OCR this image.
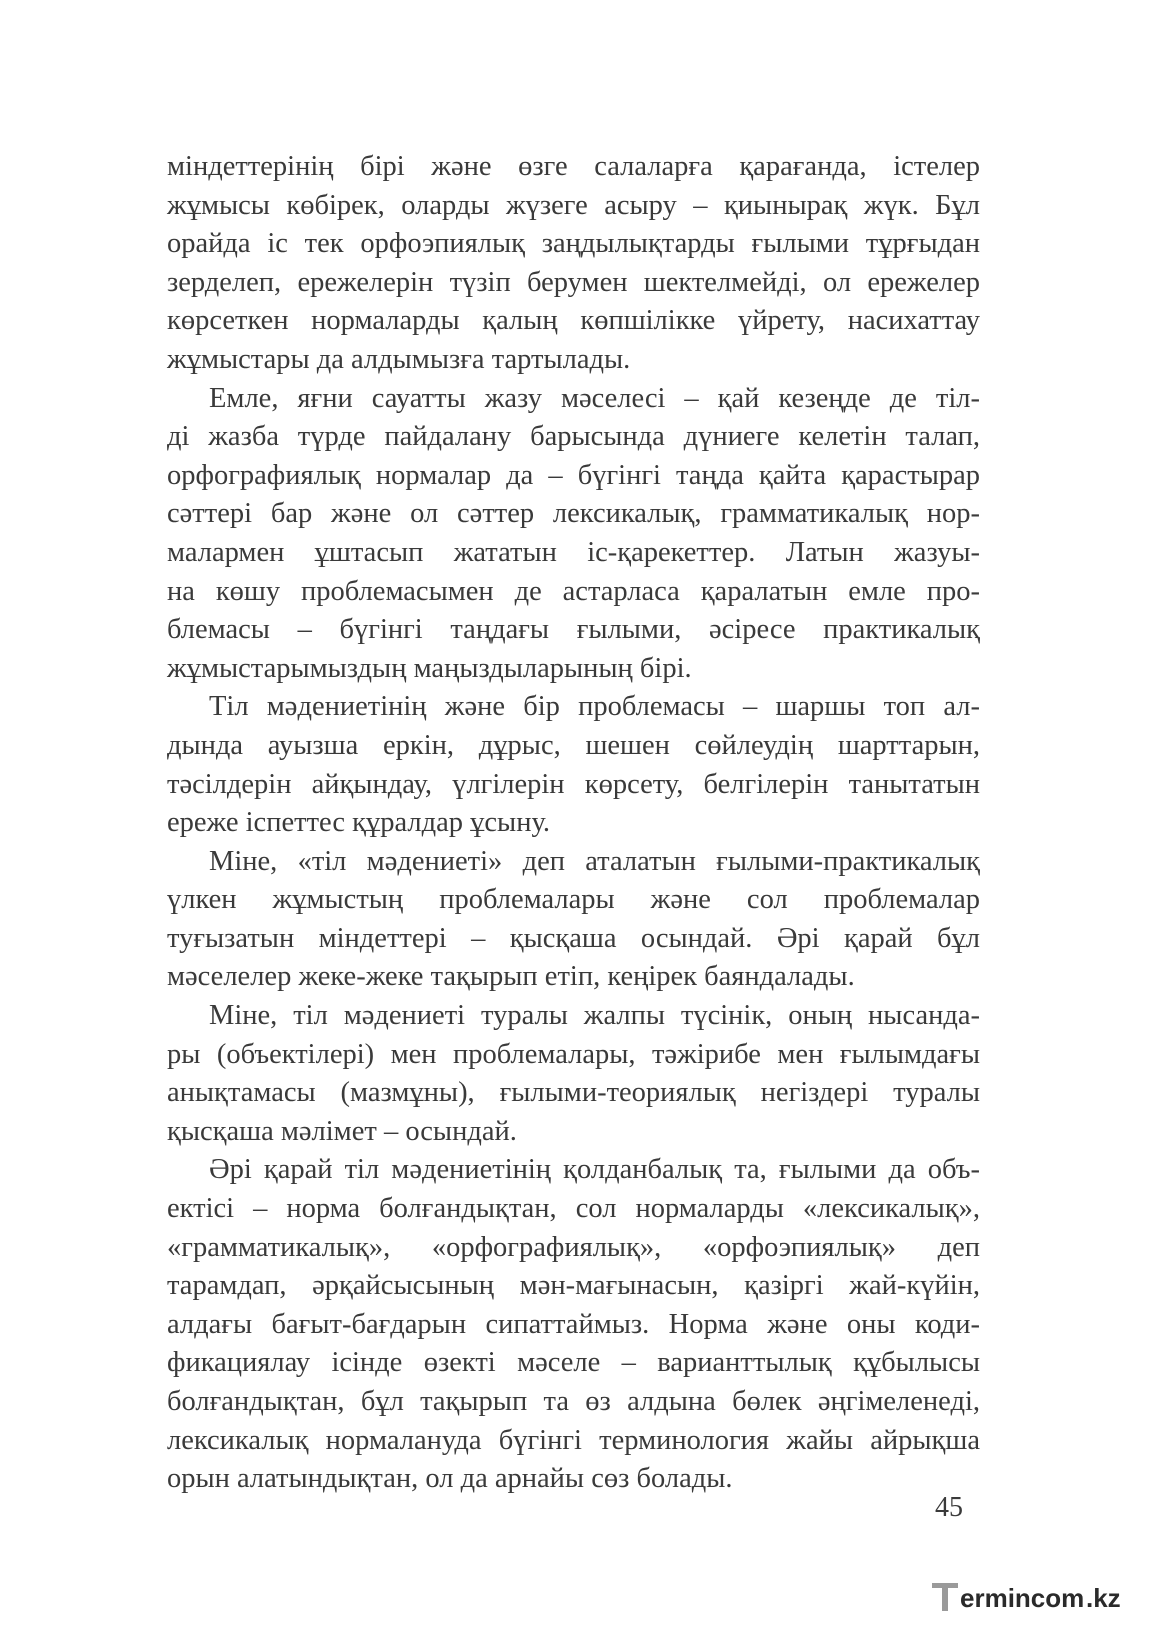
міндеттерінің бірі және өзге салаларға қарағанда, істелер
жұмысы көбірек, оларды жүзеге асыру – қиынырақ жүк. Бұл
орайда іс тек орфоэпиялық заңдылықтарды ғылыми тұрғыдан
зерделеп, ережелерін түзіп берумен шектелмейді, ол ережелер
көрсеткен нормаларды қалың көпшілікке үйрету, насихаттау
жұмыстары да алдымызға тартылады.
Емле, яғни сауатты жазу мәселесі – қай кезеңде де тіл-
ді жазба түрде пайдалану барысында дүниеге келетін талап,
орфографиялық нормалар да – бүгінгі таңда қайта қарастырар
сәттері бар және ол сәттер лексикалық, грамматикалық нор-
малармен ұштасып жататын іс-қарекеттер. Латын жазуы-
на көшу проблемасымен де астарласа қаралатын емле про-
блемасы – бүгінгі таңдағы ғылыми, әсіресе практикалық
жұмыстарымыздың маңыздыларының бірі.
Тіл мәдениетінің және бір проблемасы – шаршы топ ал-
дында ауызша еркін, дұрыс, шешен сөйлеудің шарттарын,
тәсілдерін айқындау, үлгілерін көрсету, белгілерін танытатын
ереже іспеттес құралдар ұсыну.
Міне, «тіл мәдениеті» деп аталатын ғылыми-практикалық
үлкен жұмыстың проблемалары және сол проблемалар
туғызатын міндеттері – қысқаша осындай. Әрі қарай бұл
мәселелер жеке-жеке тақырып етіп, кеңірек баяндалады.
Міне, тіл мәдениеті туралы жалпы түсінік, оның нысанда-
ры (объектілері) мен проблемалары, тәжірибе мен ғылымдағы
анықтамасы (мазмұны), ғылыми-теориялық негіздері туралы
қысқаша мәлімет – осындай.
Әрі қарай тіл мәдениетінің қолданбалық та, ғылыми да объ-
ектісі – норма болғандықтан, сол нормаларды «лексикалық»,
«грамматикалық», «орфографиялық», «орфоэпиялық» деп
тарамдап, әрқайсысының мән-мағынасын, қазіргі жай-күйін,
алдағы бағыт-бағдарын сипаттаймыз. Норма және оны коди-
фикациялау ісінде өзекті мәселе – варианттылық құбылысы
болғандықтан, бұл тақырып та өз алдына бөлек әңгімеленеді,
лексикалық нормалануда бүгінгі терминология жайы айрықша
орын алатындықтан, ол да арнайы сөз болады.
45
ermincom .kz
